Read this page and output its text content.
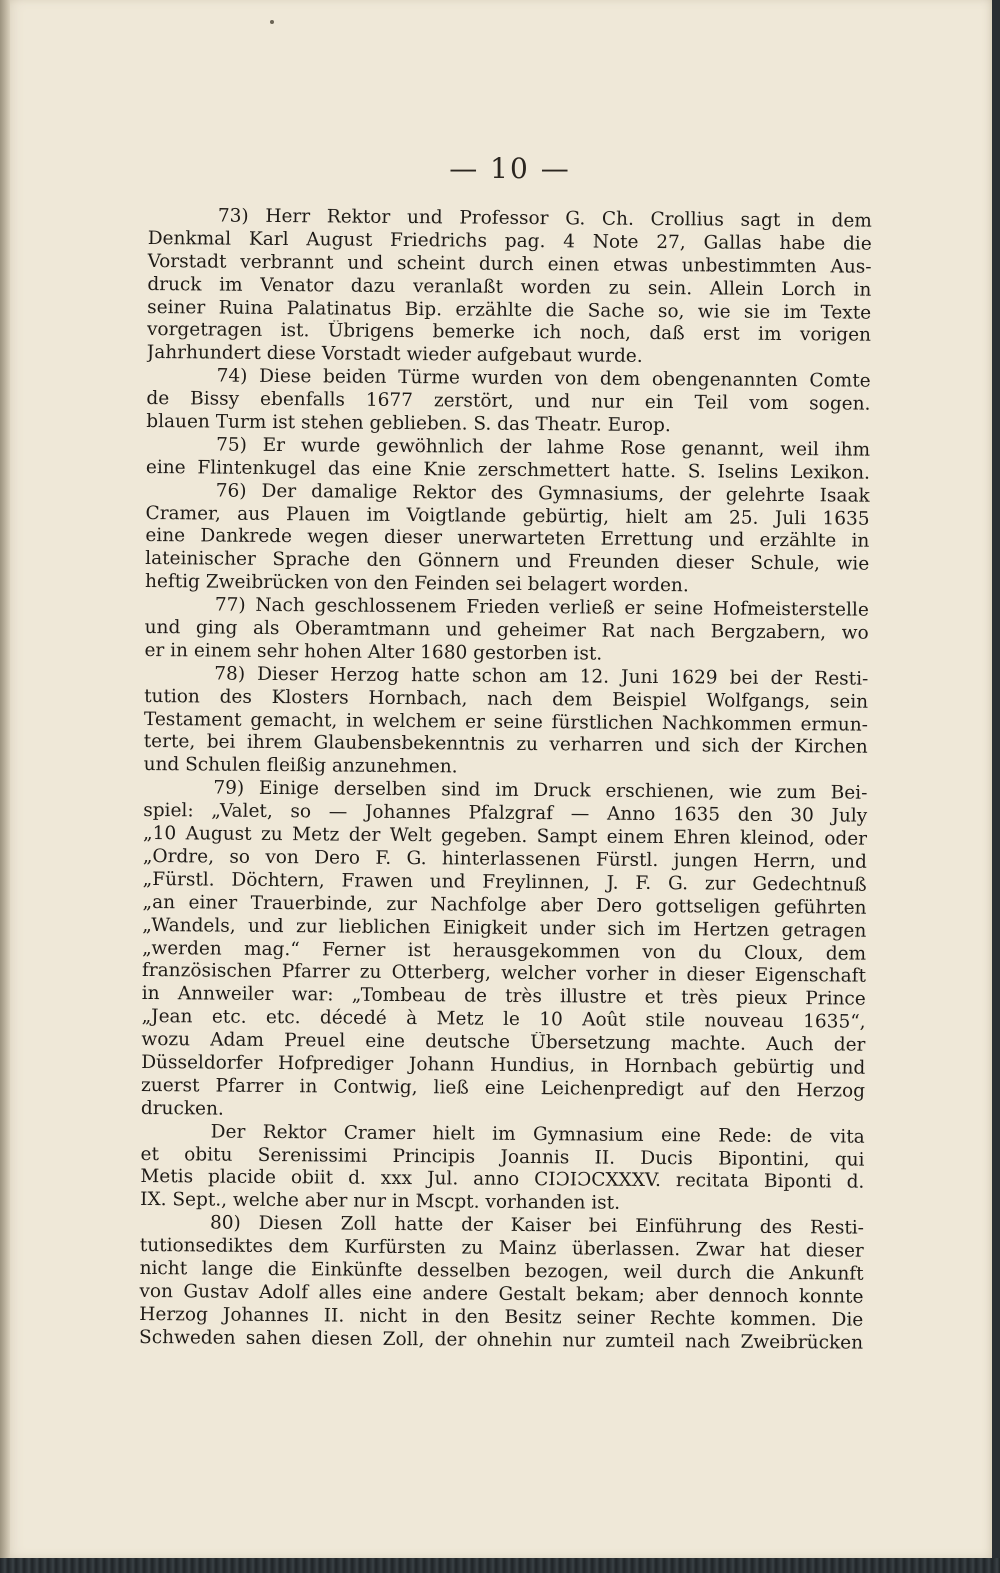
— 10 —
73) Herr Rektor und Professor G. Ch. Crollius sagt in dem
Denkmal Karl August Friedrichs pag. 4 Note 27, Gallas habe die
Vorstadt verbrannt und scheint durch einen etwas unbestimmten Aus-
druck im Venator dazu veranlaßt worden zu sein. Allein Lorch in
seiner Ruina Palatinatus Bip. erzählte die Sache so, wie sie im Texte
vorgetragen ist. Übrigens bemerke ich noch, daß erst im vorigen
Jahrhundert diese Vorstadt wieder aufgebaut wurde.
74) Diese beiden Türme wurden von dem obengenannten Comte
de Bissy ebenfalls 1677 zerstört, und nur ein Teil vom sogen.
blauen Turm ist stehen geblieben. S. das Theatr. Europ.
75) Er wurde gewöhnlich der lahme Rose genannt, weil ihm
eine Flintenkugel das eine Knie zerschmettert hatte. S. Iselins Lexikon.
76) Der damalige Rektor des Gymnasiums, der gelehrte Isaak
Cramer, aus Plauen im Voigtlande gebürtig, hielt am 25. Juli 1635
eine Dankrede wegen dieser unerwarteten Errettung und erzählte in
lateinischer Sprache den Gönnern und Freunden dieser Schule, wie
heftig Zweibrücken von den Feinden sei belagert worden.
77) Nach geschlossenem Frieden verließ er seine Hofmeisterstelle
und ging als Oberamtmann und geheimer Rat nach Bergzabern, wo
er in einem sehr hohen Alter 1680 gestorben ist.
78) Dieser Herzog hatte schon am 12. Juni 1629 bei der Resti-
tution des Klosters Hornbach, nach dem Beispiel Wolfgangs, sein
Testament gemacht, in welchem er seine fürstlichen Nachkommen ermun-
terte, bei ihrem Glaubensbekenntnis zu verharren und sich der Kirchen
und Schulen fleißig anzunehmen.
79) Einige derselben sind im Druck erschienen, wie zum Bei-
spiel: „Valet, so — Johannes Pfalzgraf — Anno 1635 den 30 July
„10 August zu Metz der Welt gegeben. Sampt einem Ehren kleinod, oder
„Ordre, so von Dero F. G. hinterlassenen Fürstl. jungen Herrn, und
„Fürstl. Döchtern, Frawen und Freylinnen, J. F. G. zur Gedechtnuß
„an einer Trauerbinde, zur Nachfolge aber Dero gottseligen geführten
„Wandels, und zur lieblichen Einigkeit under sich im Hertzen getragen
„werden mag.“ Ferner ist herausgekommen von du Cloux, dem
französischen Pfarrer zu Otterberg, welcher vorher in dieser Eigenschaft
in Annweiler war: „Tombeau de très illustre et très pieux Prince
„Jean etc. etc. décedé à Metz le 10 Août stile nouveau 1635“,
wozu Adam Preuel eine deutsche Übersetzung machte. Auch der
Düsseldorfer Hofprediger Johann Hundius, in Hornbach gebürtig und
zuerst Pfarrer in Contwig, ließ eine Leichenpredigt auf den Herzog
drucken.
Der Rektor Cramer hielt im Gymnasium eine Rede: de vita
et obitu Serenissimi Principis Joannis II. Ducis Bipontini, qui
Metis placide obiit d. xxx Jul. anno CIƆIƆCXXXV. recitata Biponti d.
IX. Sept., welche aber nur in Mscpt. vorhanden ist.
80) Diesen Zoll hatte der Kaiser bei Einführung des Resti-
tutionsediktes dem Kurfürsten zu Mainz überlassen. Zwar hat dieser
nicht lange die Einkünfte desselben bezogen, weil durch die Ankunft
von Gustav Adolf alles eine andere Gestalt bekam; aber dennoch konnte
Herzog Johannes II. nicht in den Besitz seiner Rechte kommen. Die
Schweden sahen diesen Zoll, der ohnehin nur zumteil nach Zweibrücken
